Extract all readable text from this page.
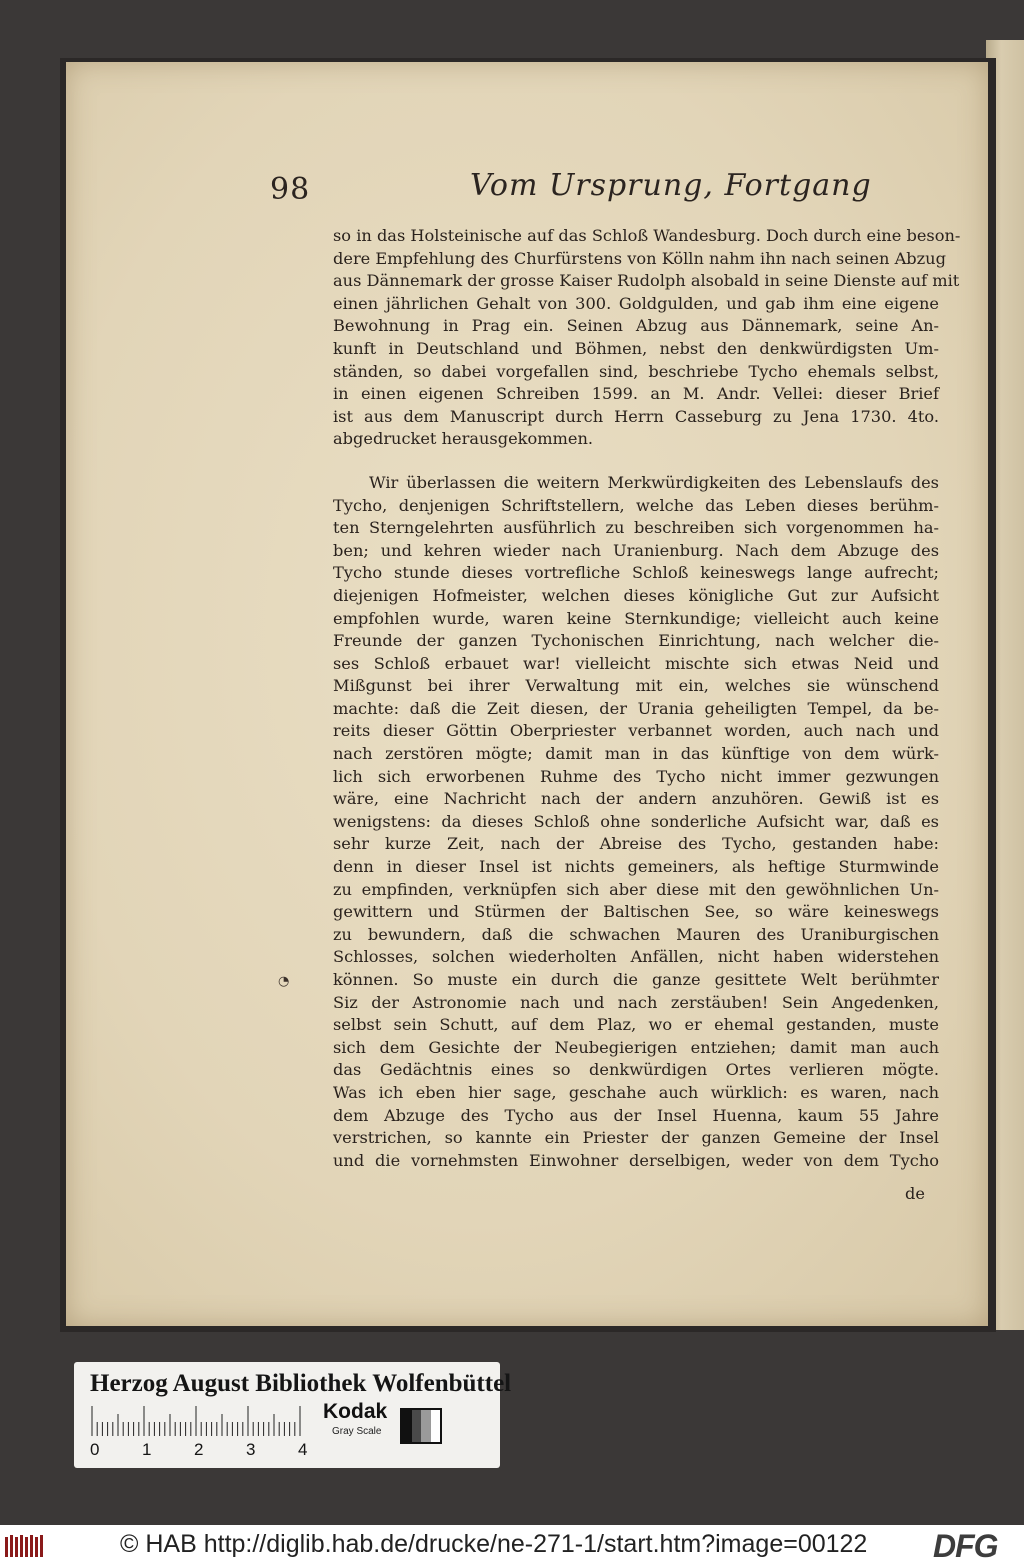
98	Vom Ursprung, Fortgang
so in das Holsteinische auf das Schloß Wandesburg. Doch durch eine beson-
dere Empfehlung des Churfürstens von Kölln nahm ihn nach seinen Abzug
aus Dännemark der grosse Kaiser Rudolph alsobald in seine Dienste auf mit
einen jährlichen Gehalt von 300. Goldgulden, und gab ihm eine eigene
Bewohnung in Prag ein. Seinen Abzug aus Dännemark, seine An-
kunft in Deutschland und Böhmen, nebst den denkwürdigsten Um-
ständen, so dabei vorgefallen sind, beschriebe Tycho ehemals selbst,
in einen eigenen Schreiben 1599. an M. Andr. Vellei: dieser Brief
ist aus dem Manuscript durch Herrn Casseburg zu Jena 1730. 4to.
abgedrucket herausgekommen.
Wir überlassen die weitern Merkwürdigkeiten des Lebenslaufs des
Tycho, denjenigen Schriftstellern, welche das Leben dieses berühm-
ten Sterngelehrten ausführlich zu beschreiben sich vorgenommen ha-
ben; und kehren wieder nach Uranienburg. Nach dem Abzuge des
Tycho stunde dieses vortrefliche Schloß keineswegs lange aufrecht;
diejenigen Hofmeister, welchen dieses königliche Gut zur Aufsicht
empfohlen wurde, waren keine Sternkundige; vielleicht auch keine
Freunde der ganzen Tychonischen Einrichtung, nach welcher die-
ses Schloß erbauet war! vielleicht mischte sich etwas Neid und
Mißgunst bei ihrer Verwaltung mit ein, welches sie wünschend
machte: daß die Zeit diesen, der Urania geheiligten Tempel, da be-
reits dieser Göttin Oberpriester verbannet worden, auch nach und
nach zerstören mögte; damit man in das künftige von dem würk-
lich sich erworbenen Ruhme des Tycho nicht immer gezwungen
wäre, eine Nachricht nach der andern anzuhören. Gewiß ist es
wenigstens: da dieses Schloß ohne sonderliche Aufsicht war, daß es
sehr kurze Zeit, nach der Abreise des Tycho, gestanden habe:
denn in dieser Insel ist nichts gemeiners, als heftige Sturmwinde
zu empfinden, verknüpfen sich aber diese mit den gewöhnlichen Un-
gewittern und Stürmen der Baltischen See, so wäre keineswegs
zu bewundern, daß die schwachen Mauren des Uraniburgischen
Schlosses, solchen wiederholten Anfällen, nicht haben widerstehen
können. So muste ein durch die ganze gesittete Welt berühmter
Siz der Astronomie nach und nach zerstäuben! Sein Angedenken,
selbst sein Schutt, auf dem Plaz, wo er ehemal gestanden, muste
sich dem Gesichte der Neubegierigen entziehen; damit man auch
das Gedächtnis eines so denkwürdigen Ortes verlieren mögte.
Was ich eben hier sage, geschahe auch würklich: es waren, nach
dem Abzuge des Tycho aus der Insel Huenna, kaum 55 Jahre
verstrichen, so kannte ein Priester der ganzen Gemeine der Insel
und die vornehmsten Einwohner derselbigen, weder von dem Tycho
◔
de
Herzog August Bibliothek Wolfenbüttel
0	1	2	3	4
Kodak
Gray Scale
© HAB http://diglib.hab.de/drucke/ne-271-1/start.htm?image=00122 DFG
